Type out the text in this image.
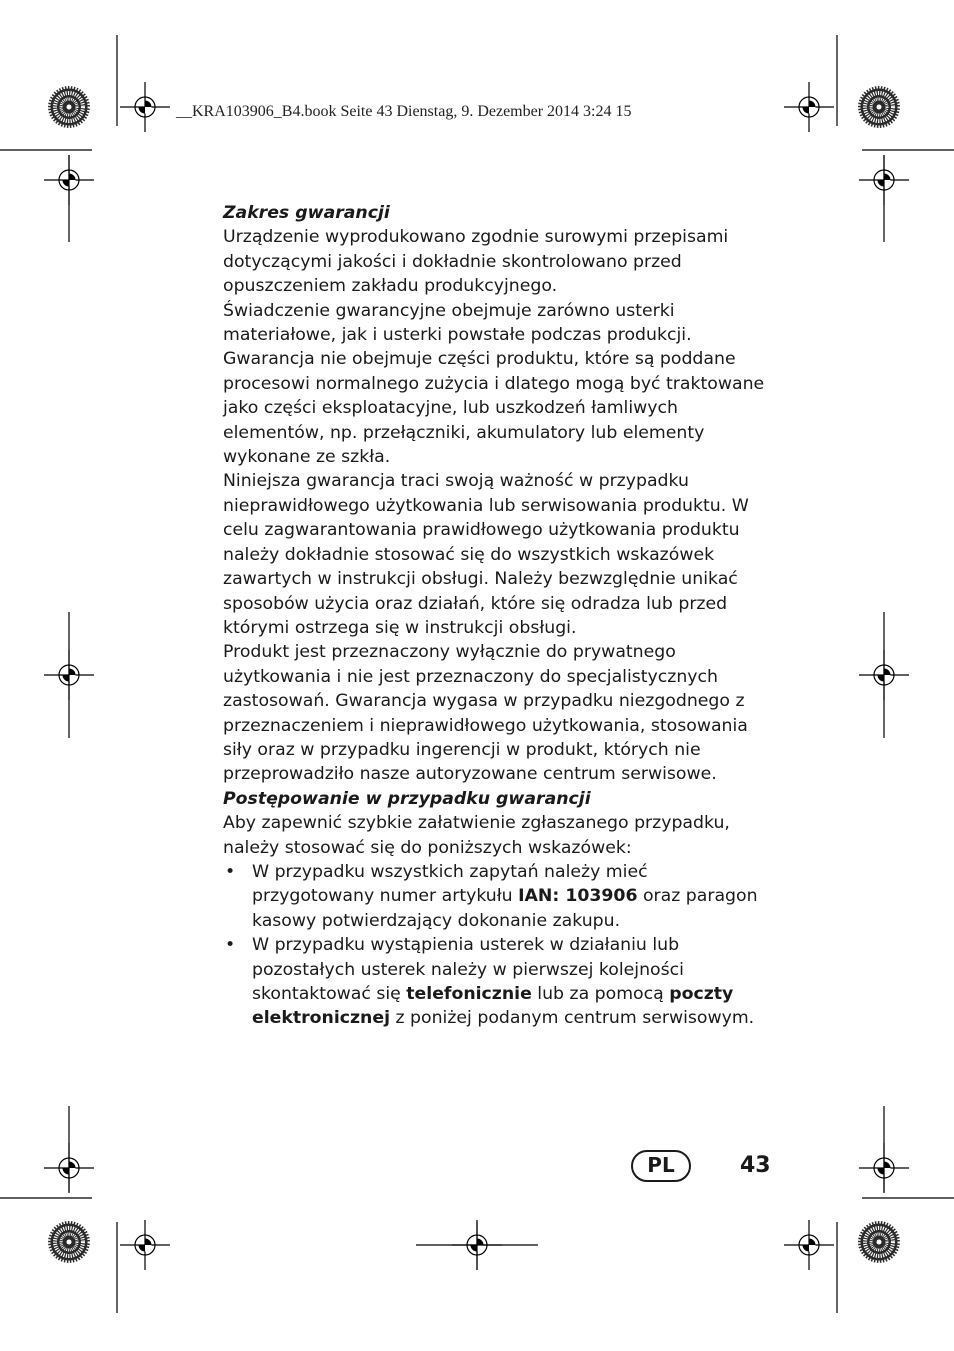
__KRA103906_B4.book Seite 43 Dienstag, 9. Dezember 2014 3:24 15

Zakres gwarancji

Urządzenie wyprodukowano zgodnie surowymi przepisami dotyczącymi jakości i dokładnie skontrolowano przed opuszczeniem zakładu produkcyjnego.

Świadczenie gwarancyjne obejmuje zarówno usterki materiałowe, jak i usterki powstałe podczas produkcji. Gwarancja nie obejmuje części produktu, które są poddane procesowi normalnego zużycia i dlatego mogą być traktowane jako części eksploatacyjne, lub uszkodzeń łamliwych elementów, np. przełączniki, akumulatory lub elementy wykonane ze szkła.

Niniejsza gwarancja traci swoją ważność w przypadku nieprawidłowego użytkowania lub serwisowania produktu. W celu zagwarantowania prawidłowego użytkowania produktu należy dokładnie stosować się do wszystkich wskazówek zawartych w instrukcji obsługi. Należy bezwzględnie unikać sposobów użycia oraz działań, które się odradza lub przed którymi ostrzega się w instrukcji obsługi.

Produkt jest przeznaczony wyłącznie do prywatnego użytkowania i nie jest przeznaczony do specjalistycznych zastosowań. Gwarancja wygasa w przypadku niezgodnego z przeznaczeniem i nieprawidłowego użytkowania, stosowania siły oraz w przypadku ingerencji w produkt, których nie przeprowadziło nasze autoryzowane centrum serwisowe.

Postępowanie w przypadku gwarancji

Aby zapewnić szybkie załatwienie zgłaszanego przypadku, należy stosować się do poniższych wskazówek:

• W przypadku wszystkich zapytań należy mieć przygotowany numer artykułu IAN: 103906 oraz paragon kasowy potwierdzający dokonanie zakupu.
• W przypadku wystąpienia usterek w działaniu lub pozostałych usterek należy w pierwszej kolejności skontaktować się telefonicznie lub za pomocą poczty elektronicznej z poniżej podanym centrum serwisowym.
PL	43
